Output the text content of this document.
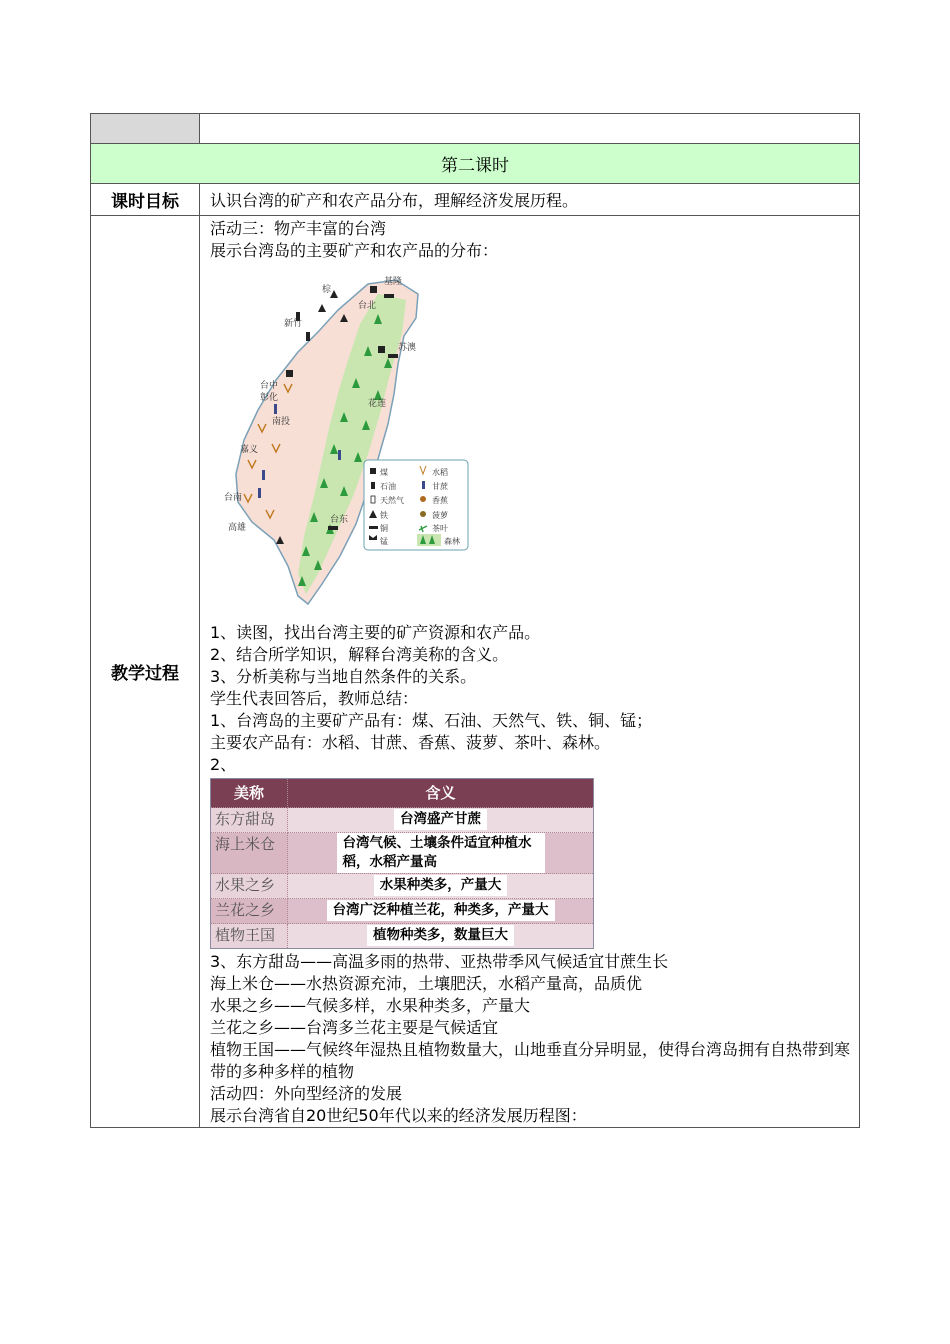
第二课时
课时目标	认识台湾的矿产和农产品分布，理解经济发展历程。
教学过程	

活动三：物产丰富的台湾

展示台湾岛的主要矿产和农产品的分布：

棕
基隆
台北
新竹
苏澳
台中
彰化
南投
花莲
嘉义
台南
高雄
台东
煤
石油
天然气
铁
铜
锰
水稻
甘蔗
香蕉
菠萝
茶叶
森林

1、读图，找出台湾主要的矿产资源和农产品。

2、结合所学知识，解释台湾美称的含义。

3、分析美称与当地自然条件的关系。

学生代表回答后，教师总结：

1、台湾岛的主要矿产品有：煤、石油、天然气、铁、铜、锰；

主要农产品有：水稻、甘蔗、香蕉、菠萝、茶叶、森林。

2、

美称	含义
东方甜岛	台湾盛产甘蔗
海上米仓	台湾气候、土壤条件适宜种植水稻，水稻产量高
水果之乡	水果种类多，产量大
兰花之乡	台湾广泛种植兰花，种类多，产量大
植物王国	植物种类多，数量巨大

3、东方甜岛——高温多雨的热带、亚热带季风气候适宜甘蔗生长

海上米仓——水热资源充沛，土壤肥沃，水稻产量高，品质优

水果之乡——气候多样，水果种类多，产量大

兰花之乡——台湾多兰花主要是气候适宜

植物王国——气候终年湿热且植物数量大，山地垂直分异明显，使得台湾岛拥有自热带到寒带的多种多样的植物

活动四：外向型经济的发展

展示台湾省自20世纪50年代以来的经济发展历程图：
